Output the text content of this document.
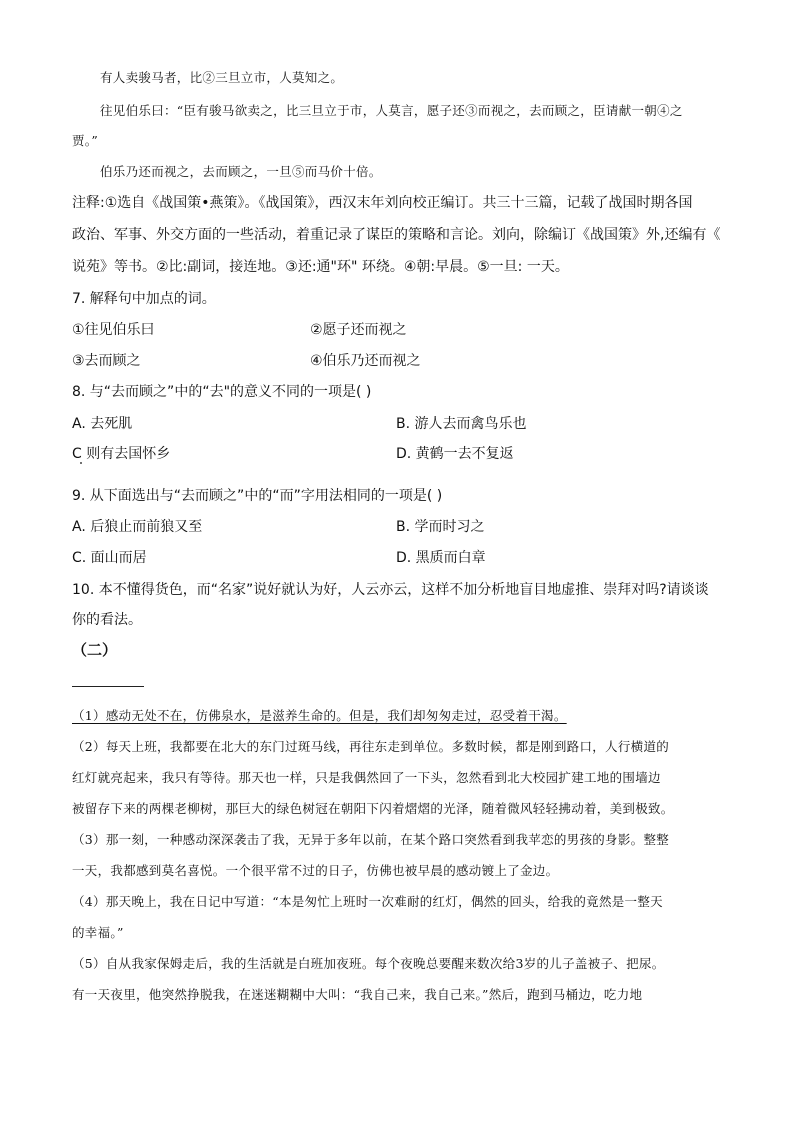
有人卖骏马者，比②三旦立市，人莫知之。
往见伯乐曰：“臣有骏马欲卖之，比三旦立于市，人莫言，愿子还③而视之，去而顾之，臣请献一朝④之
贾。”
伯乐乃还而视之，去而顾之，一旦⑤而马价十倍。
注释:①选自《战国策•燕策》。《战国策》，西汉末年刘向校正编订。共三十三篇，记载了战国时期各国
政治、军事、外交方面的一些活动，着重记录了谋臣的策略和言论。刘向，除编订《战国策》外,还编有《
说苑》等书。②比:副词，接连地。③还:通"环" 环绕。④朝:早晨。⑤一旦: 一天。
7. 解释句中加点的词。
①往见伯乐曰	②愿子还而视之
③去而顾之	④伯乐乃还而视之
8. 与“去而顾之”中的“去"的意义不同的一项是( )
A. 去死肌	B. 游人去而禽鸟乐也
C 则有去国怀乡	D. 黄鹤一去不复返
9. 从下面选出与“去而顾之”中的“而”字用法相同的一项是( )
A. 后狼止而前狼又至	B. 学而时习之
C. 面山而居	D. 黑质而白章
10. 本不懂得货色，而“名家”说好就认为好，人云亦云，这样不加分析地盲目地虚推、崇拜对吗?请谈谈
你的看法。
（二）
（1）感动无处不在，仿佛泉水，是滋养生命的。但是，我们却匆匆走过，忍受着干渴。
（2）每天上班，我都要在北大的东门过斑马线，再往东走到单位。多数时候，都是刚到路口，人行横道的
红灯就亮起来，我只有等待。那天也一样，只是我偶然回了一下头，忽然看到北大校园扩建工地的围墙边
被留存下来的两棵老柳树，那巨大的绿色树冠在朝阳下闪着熠熠的光泽，随着微风轻轻拂动着，美到极致。
（3）那一刻，一种感动深深袭击了我，无异于多年以前，在某个路口突然看到我苹恋的男孩的身影。整整
一天，我都感到莫名喜悦。一个很平常不过的日子，仿佛也被早晨的感动镀上了金边。
（4）那天晚上，我在日记中写道：“本是匆忙上班时一次难耐的红灯，偶然的回头，给我的竟然是一整天
的幸福。”
（5）自从我家保姆走后，我的生活就是白班加夜班。每个夜晚总要醒来数次给3岁的儿子盖被子、把尿。
有一天夜里，他突然挣脱我，在迷迷糊糊中大叫：“我自己来，我自己来。”然后，跑到马桶边，吃力地
